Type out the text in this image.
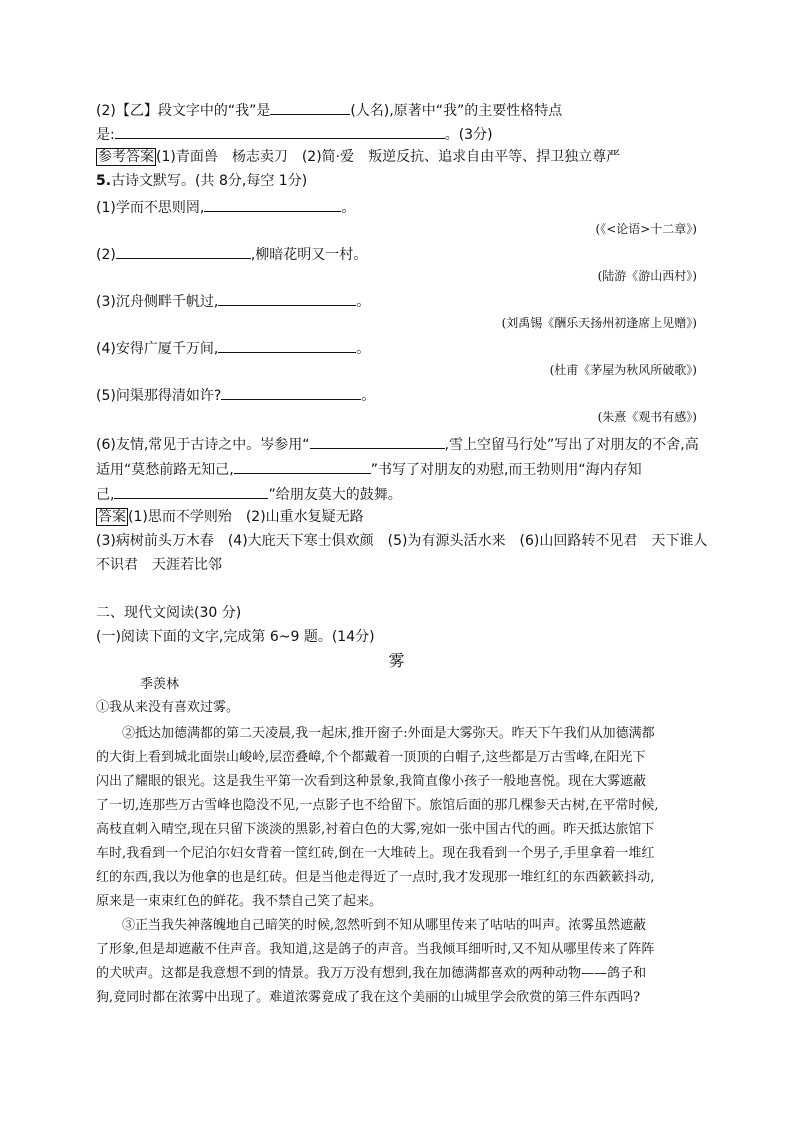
(2)【乙】段文字中的“我”是	(人名),原著中“我”的主要性格特点
是:	。(3分)
参考答案 (1)青面兽　杨志卖刀　(2)简·爱　叛逆反抗、追求自由平等、捍卫独立尊严
5.古诗文默写。(共 8分,每空 1分)
(1)学而不思则罔,	。
(《<论语>十二章》)
(2)	,柳暗花明又一村。
(陆游《游山西村》)
(3)沉舟侧畔千帆过,	。
(刘禹锡《酬乐天扬州初逢席上见赠》)
(4)安得广厦千万间,	。
(杜甫《茅屋为秋风所破歌》)
(5)问渠那得清如许?	。
(朱熹《观书有感》)
(6)友情,常见于古诗之中。岑参用“	,雪上空留马行处”写出了对朋友的不舍,高
适用“莫愁前路无知己,	”书写了对朋友的劝慰,而王勃则用“海内存知
己,	”给朋友莫大的鼓舞。
答案 (1)思而不学则殆　(2)山重水复疑无路
(3)病树前头万木春　(4)大庇天下寒士俱欢颜　(5)为有源头活水来　(6)山回路转不见君　天下谁人
不识君　天涯若比邻
二、现代文阅读(30 分)
(一)阅读下面的文字,完成第 6~9 题。(14分)
雾
季羡林
①我从来没有喜欢过雾。
②抵达加德满都的第二天凌晨,我一起床,推开窗子:外面是大雾弥天。昨天下午我们从加德满都
的大街上看到城北面崇山峻岭,层峦叠嶂,个个都戴着一顶顶的白帽子,这些都是万古雪峰,在阳光下
闪出了耀眼的银光。这是我生平第一次看到这种景象,我简直像小孩子一般地喜悦。现在大雾遮蔽
了一切,连那些万古雪峰也隐没不见,一点影子也不给留下。旅馆后面的那几棵参天古树,在平常时候,
高枝直刺入晴空,现在只留下淡淡的黑影,衬着白色的大雾,宛如一张中国古代的画。昨天抵达旅馆下
车时,我看到一个尼泊尔妇女背着一筐红砖,倒在一大堆砖上。现在我看到一个男子,手里拿着一堆红
红的东西,我以为他拿的也是红砖。但是当他走得近了一点时,我才发现那一堆红红的东西簌簌抖动,
原来是一束束红色的鲜花。我不禁自己笑了起来。
③正当我失神落魄地自己暗笑的时候,忽然听到不知从哪里传来了咕咕的叫声。浓雾虽然遮蔽
了形象,但是却遮蔽不住声音。我知道,这是鸽子的声音。当我倾耳细听时,又不知从哪里传来了阵阵
的犬吠声。这都是我意想不到的情景。我万万没有想到,我在加德满都喜欢的两种动物——鸽子和
狗,竟同时都在浓雾中出现了。难道浓雾竟成了我在这个美丽的山城里学会欣赏的第三件东西吗?
